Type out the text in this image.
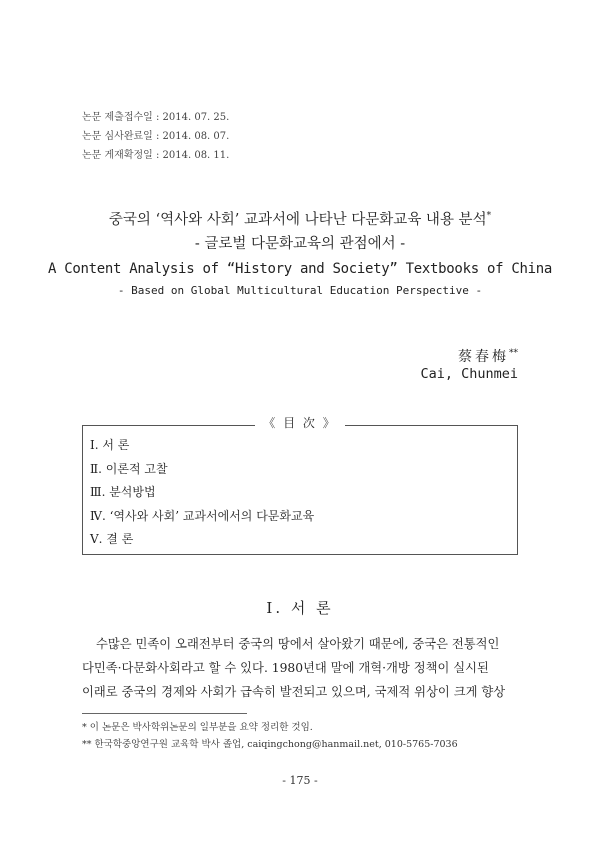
논문 제출접수일 : 2014. 07. 25.
논문 심사완료일 : 2014. 08. 07.
논문 게재확정일 : 2014. 08. 11.
중국의 ‘역사와 사회’ 교과서에 나타난 다문화교육 내용 분석*
- 글로벌 다문화교육의 관점에서 -
A Content Analysis of “History and Society” Textbooks of China
- Based on Global Multicultural Education Perspective -
蔡春梅**
Cai, Chunmei
《 目 次 》
Ⅰ. 서 론
Ⅱ. 이론적 고찰
Ⅲ. 분석방법
Ⅳ. ‘역사와 사회’ 교과서에서의 다문화교육
Ⅴ. 결 론
Ⅰ. 서 론
수많은 민족이 오래전부터 중국의 땅에서 살아왔기 때문에, 중국은 전통적인
다민족·다문화사회라고 할 수 있다. 1980년대 말에 개혁·개방 정책이 실시된
이래로 중국의 경제와 사회가 급속히 발전되고 있으며, 국제적 위상이 크게 향상
* 이 논문은 박사학위논문의 일부분을 요약 정리한 것임.
** 한국학중앙연구원 교육학 박사 졸업, caiqingchong@hanmail.net, 010-5765-7036
- 175 -
